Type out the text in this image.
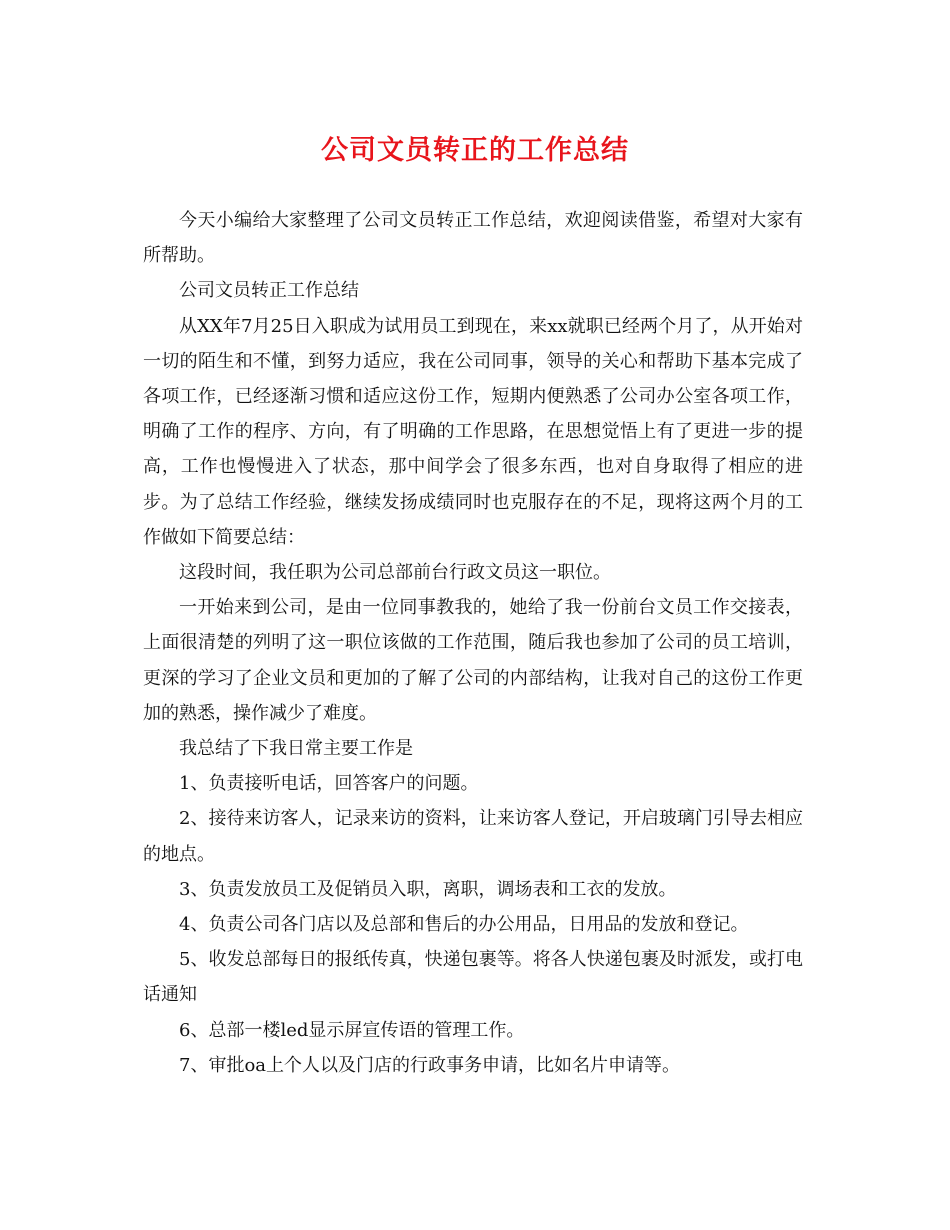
公司文员转正的工作总结

今天小编给大家整理了公司文员转正工作总结，欢迎阅读借鉴，希望对大家有所帮助。

公司文员转正工作总结

从XX年7月25日入职成为试用员工到现在，来xx就职已经两个月了，从开始对一切的陌生和不懂，到努力适应，我在公司同事，领导的关心和帮助下基本完成了各项工作，已经逐渐习惯和适应这份工作，短期内便熟悉了公司办公室各项工作，明确了工作的程序、方向，有了明确的工作思路，在思想觉悟上有了更进一步的提高，工作也慢慢进入了状态，那中间学会了很多东西，也对自身取得了相应的进步。为了总结工作经验，继续发扬成绩同时也克服存在的不足，现将这两个月的工作做如下简要总结：

这段时间，我任职为公司总部前台行政文员这一职位。

一开始来到公司，是由一位同事教我的，她给了我一份前台文员工作交接表，上面很清楚的列明了这一职位该做的工作范围，随后我也参加了公司的员工培训，更深的学习了企业文员和更加的了解了公司的内部结构，让我对自己的这份工作更加的熟悉，操作减少了难度。

我总结了下我日常主要工作是

1、负责接听电话，回答客户的问题。

2、接待来访客人，记录来访的资料，让来访客人登记，开启玻璃门引导去相应的地点。

3、负责发放员工及促销员入职，离职，调场表和工衣的发放。

4、负责公司各门店以及总部和售后的办公用品，日用品的发放和登记。

5、收发总部每日的报纸传真，快递包裹等。将各人快递包裹及时派发，或打电话通知

6、总部一楼led显示屏宣传语的管理工作。

7、审批oa上个人以及门店的行政事务申请，比如名片申请等。
